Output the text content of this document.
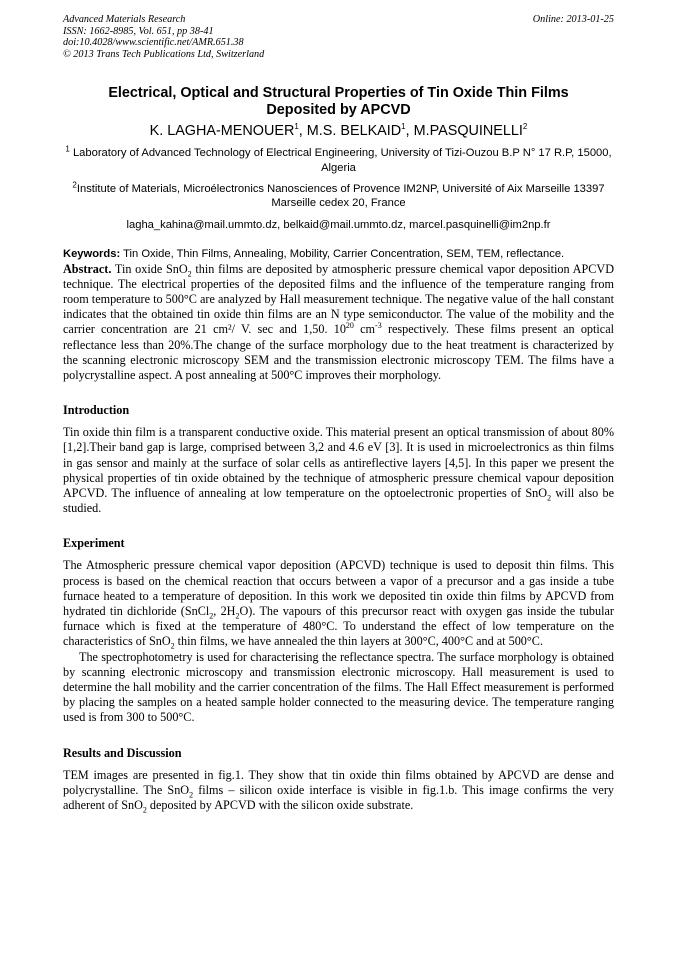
Advanced Materials Research
ISSN: 1662-8985, Vol. 651, pp 38-41
doi:10.4028/www.scientific.net/AMR.651.38
© 2013 Trans Tech Publications Ltd, Switzerland
Online: 2013-01-25
Electrical, Optical and Structural Properties of Tin Oxide Thin Films
Deposited by APCVD
K. LAGHA-MENOUER$^1$, M.S. BELKAID$^1$, M.PASQUINELLI$^2$
$^1$ Laboratory of Advanced Technology of Electrical Engineering, University of Tizi-Ouzou B.P N° 17 R.P, 15000, Algeria
$^2$Institute of Materials, Microélectronics Nanosciences of Provence IM2NP, Université of Aix Marseille 13397 Marseille cedex 20, France
lagha_kahina@mail.ummto.dz, belkaid@mail.ummto.dz, marcel.pasquinelli@im2np.fr
Keywords: Tin Oxide, Thin Films, Annealing, Mobility, Carrier Concentration, SEM, TEM, reflectance.

Abstract. Tin oxide SnO$_2$ thin films are deposited by atmospheric pressure chemical vapor deposition APCVD technique. The electrical properties of the deposited films and the influence of the temperature ranging from room temperature to 500°C are analyzed by Hall measurement technique. The negative value of the hall constant indicates that the obtained tin oxide thin films are an N type semiconductor. The value of the mobility and the carrier concentration are 21 cm²/ V. sec and 1,50. $10^{20}$ $cm^{-3}$ respectively. These films present an optical reflectance less than 20%.The change of the surface morphology due to the heat treatment is characterized by the scanning electronic microscopy SEM and the transmission electronic microscopy TEM. The films have a polycrystalline aspect. A post annealing at 500°C improves their morphology.

Introduction

Tin oxide thin film is a transparent conductive oxide. This material present an optical transmission of about 80% [1,2].Their band gap is large, comprised between 3,2 and 4.6 eV [3]. It is used in microelectronics as thin films in gas sensor and mainly at the surface of solar cells as antireflective layers [4,5]. In this paper we present the physical properties of tin oxide obtained by the technique of atmospheric pressure chemical vapour deposition APCVD. The influence of annealing at low temperature on the optoelectronic properties of SnO$_2$ will also be studied.

Experiment

The Atmospheric pressure chemical vapor deposition (APCVD) technique is used to deposit thin films. This process is based on the chemical reaction that occurs between a vapor of a precursor and a gas inside a tube furnace heated to a temperature of deposition. In this work we deposited tin oxide thin films by APCVD from hydrated tin dichloride (SnCl$_2$, $2H_2O$). The vapours of this precursor react with oxygen gas inside the tubular furnace which is fixed at the temperature of 480°C. To understand the effect of low temperature on the characteristics of SnO$_2$ thin films, we have annealed the thin layers at 300°C, 400°C and at 500°C.

The spectrophotometry is used for characterising the reflectance spectra. The surface morphology is obtained by scanning electronic microscopy and transmission electronic microscopy. Hall measurement is used to determine the hall mobility and the carrier concentration of the films. The Hall Effect measurement is performed by placing the samples on a heated sample holder connected to the measuring device. The temperature ranging used is from 300 to 500°C.

Results and Discussion

TEM images are presented in fig.1. They show that tin oxide thin films obtained by APCVD are dense and polycrystalline. The SnO$_2$ films – silicon oxide interface is visible in fig.1.b. This image confirms the very adherent of SnO$_2$ deposited by APCVD with the silicon oxide substrate.
